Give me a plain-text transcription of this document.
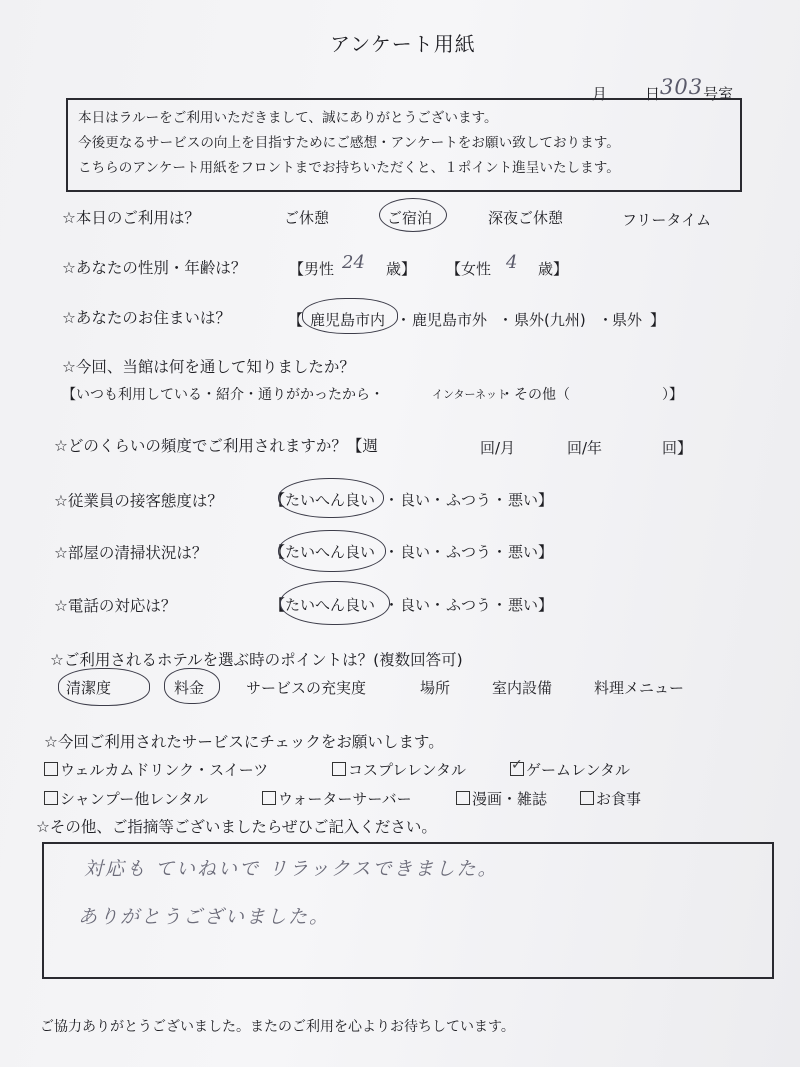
アンケート用紙
月	日303号室
本日はラルーをご利用いただきまして、誠にありがとうございます。
今後更なるサービスの向上を目指すためにご感想・アンケートをお願い致しております。
こちらのアンケート用紙をフロントまでお持ちいただくと、１ポイント進呈いたします。
☆本日のご利用は？	ご休憩	ご宿泊	深夜ご休憩	フリータイム
☆あなたの性別・年齢は？	【男性 24 歳】 【女性 4 歳】
☆あなたのお住まいは？	【 鹿児島市内 ・ 鹿児島市外 ・ 県外(九州) ・
県外 】
☆今回、当館は何を通して知りましたか？
【いつも利用している・紹介・通りがかったから・	インターネット
・その他（	）】
☆どのくらいの頻度でご利用されますか？【週	回/月	回/年	回】
☆従業員の接客態度は？	【たいへん良い ・ 良い ・ ふつう ・ 悪い】
☆部屋の清掃状況は？	【たいへん良い ・ 良い ・ ふつう ・ 悪い】
☆電話の対応は？	【たいへん良い ・ 良い ・ ふつう ・ 悪い】
☆ご利用されるホテルを選ぶ時のポイントは？(複数回答可)
清潔度	料金	サービスの充実度	場所	室内設備	料理メニュー
☆今回ご利用されたサービスにチェックをお願いします。
ウェルカムドリンク・スイーツ	コスプレレンタル
✓	ゲームレンタル
シャンプー他レンタル	ウォーターサーバー	漫画・雑誌	お食事
☆その他、ご指摘等ございましたらぜひご記入ください。
対応も ていねいで リラックスできました。
ありがとうございました。
ご協力ありがとうございました。またのご利用を心よりお待ちしています。
